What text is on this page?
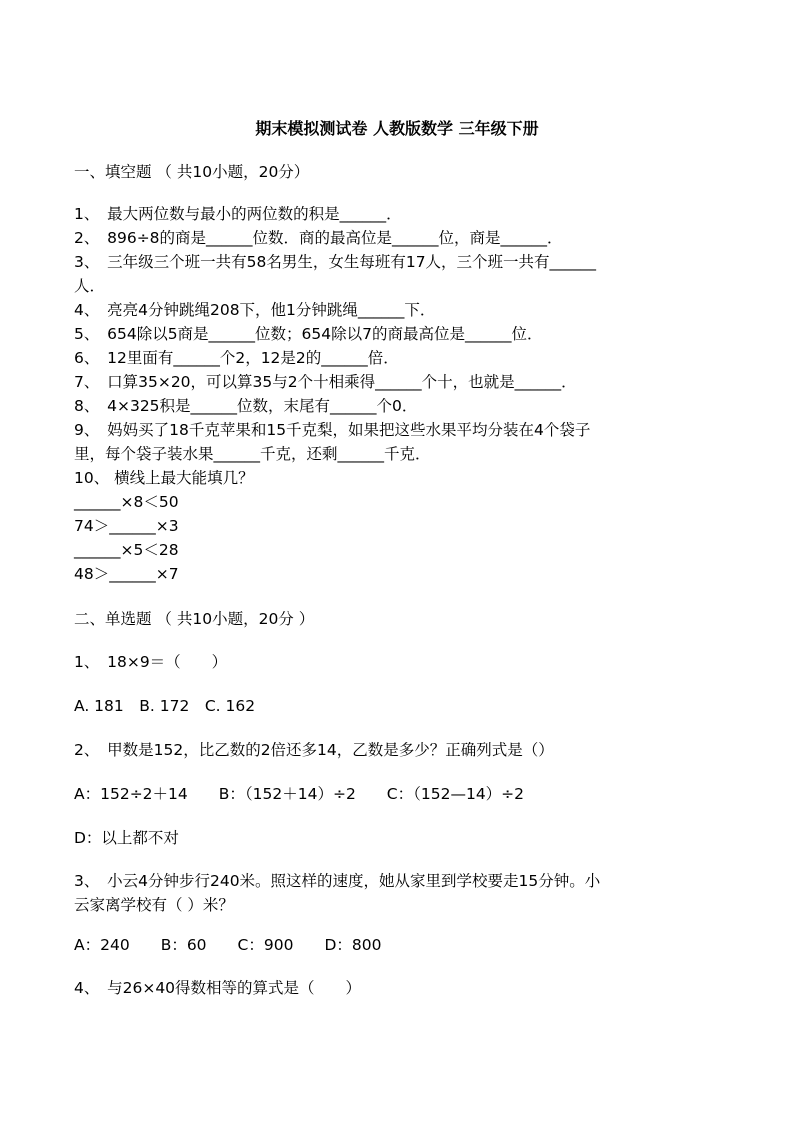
期末模拟测试卷 人教版数学 三年级下册
一、填空题 （ 共10小题，20分）
1、　最大两位数与最小的两位数的积是______．
2、　896÷8的商是______位数．商的最高位是______位，商是______．
3、　三年级三个班一共有58名男生，女生每班有17人，三个班一共有______
人．
4、　亮亮4分钟跳绳208下，他1分钟跳绳______下．
5、　654除以5商是______位数；654除以7的商最高位是______位．
6、　12里面有______个2，12是2的______倍．
7、　口算35×20，可以算35与2个十相乘得______个十，也就是______．
8、　4×325积是______位数，末尾有______个0．
9、　妈妈买了18千克苹果和15千克梨，如果把这些水果平均分装在4个袋子
里，每个袋子装水果______千克，还剩______千克．
10、 横线上最大能填几？
______×8＜50
74＞______×3
______×5＜28
48＞______×7
二、单选题 （ 共10小题，20分 ）
1、　18×9＝（　　）
A. 181　B. 172　C. 162
2、　甲数是152，比乙数的2倍还多14，乙数是多少？正确列式是（）
A：152÷2＋14　　B：（152＋14）÷2　　C：（152—14）÷2
D：以上都不对
3、　小云4分钟步行240米。照这样的速度，她从家里到学校要走15分钟。小
云家离学校有（ ）米？
A：240　　B：60　　C：900　　D：800
4、　与26×40得数相等的算式是（　　）
